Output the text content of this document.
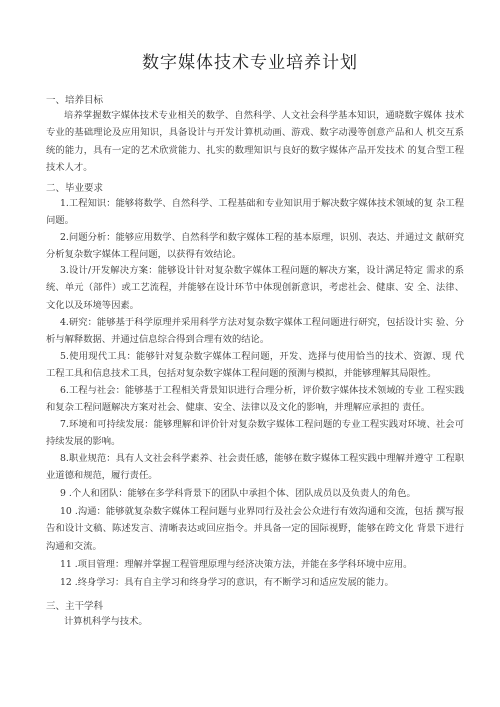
数字媒体技术专业培养计划
一、培养目标
培养掌握数字媒体技术专业相关的数学、自然科学、人文社会科学基本知识，通晓数字媒体 技术专业的基础理论及应用知识，具备设计与开发计算机动画、游戏、数字动漫等创意产品和人 机交互系统的能力，具有一定的艺术欣赏能力、扎实的数理知识与良好的数字媒体产品开发技术 的复合型工程技术人才。
二、毕业要求
1.工程知识：能够将数学、自然科学、工程基础和专业知识用于解决数字媒体技术领域的复 杂工程问题。
2.问题分析：能够应用数学、自然科学和数字媒体工程的基本原理，识别、表达、并通过文 献研究分析复杂数字媒体工程问题，以获得有效结论。
3.设计/开发解决方案：能够设计针对复杂数字媒体工程问题的解决方案，设计满足特定 需求的系统、单元（部件）或工艺流程，并能够在设计环节中体现创新意识，考虑社会、健康、安 全、法律、文化以及环境等因素。
4.研究：能够基于科学原理并采用科学方法对复杂数字媒体工程问题进行研究，包括设计实 验、分析与解释数据、并通过信息综合得到合理有效的结论。
5.使用现代工具：能够针对复杂数字媒体工程问题，开发、选择与使用恰当的技术、资源、现 代 工程工具和信息技术工具，包括对复杂数字媒体工程问题的预测与模拟，并能够理解其局限性。
6.工程与社会：能够基于工程相关背景知识进行合理分析，评价数字媒体技术领域的专业 工程实践和复杂工程问题解决方案对社会、健康、安全、法律以及文化的影响，并理解应承担的 责任。
7.环境和可持续发展：能够理解和评价针对复杂数字媒体工程问题的专业工程实践对环境、社会可持续发展的影响。
8.职业规范：具有人文社会科学素养、社会责任感，能够在数字媒体工程实践中理解并遵守 工程职业道德和规范，履行责任。
9 .个人和团队：能够在多学科背景下的团队中承担个体、团队成员以及负责人的角色。
10 .沟通：能够就复杂数字媒体工程问题与业界同行及社会公众进行有效沟通和交流，包括 撰写报告和设计文稿、陈述发言、清晰表达或回应指令。并具备一定的国际视野，能够在跨文化 背景下进行沟通和交流。
11 .项目管理：理解并掌握工程管理原理与经济决策方法，并能在多学科环境中应用。
12 .终身学习：具有自主学习和终身学习的意识，有不断学习和适应发展的能力。
三、主干学科
计算机科学与技术。
